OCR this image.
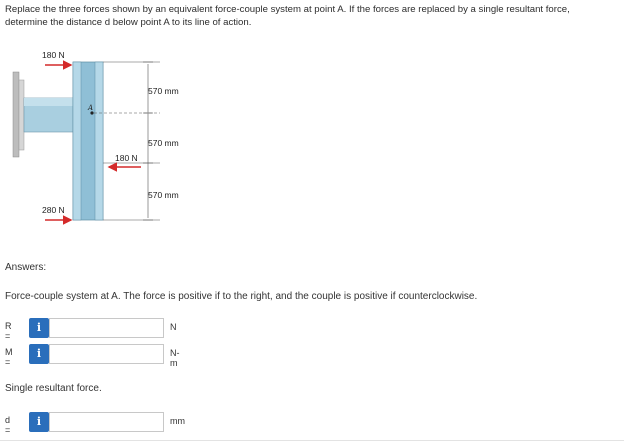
Replace the three forces shown by an equivalent force-couple system at point A. If the forces are replaced by a single resultant force,
determine the distance d below point A to its line of action.
A
570 mm
570 mm
570 mm
180 N
180 N
280 N
Answers:
Force-couple system at A. The force is positive if to the right, and the couple is positive if counterclockwise.
R =
i	N
M =
i	N-m
Single resultant force.
d =
i	mm
